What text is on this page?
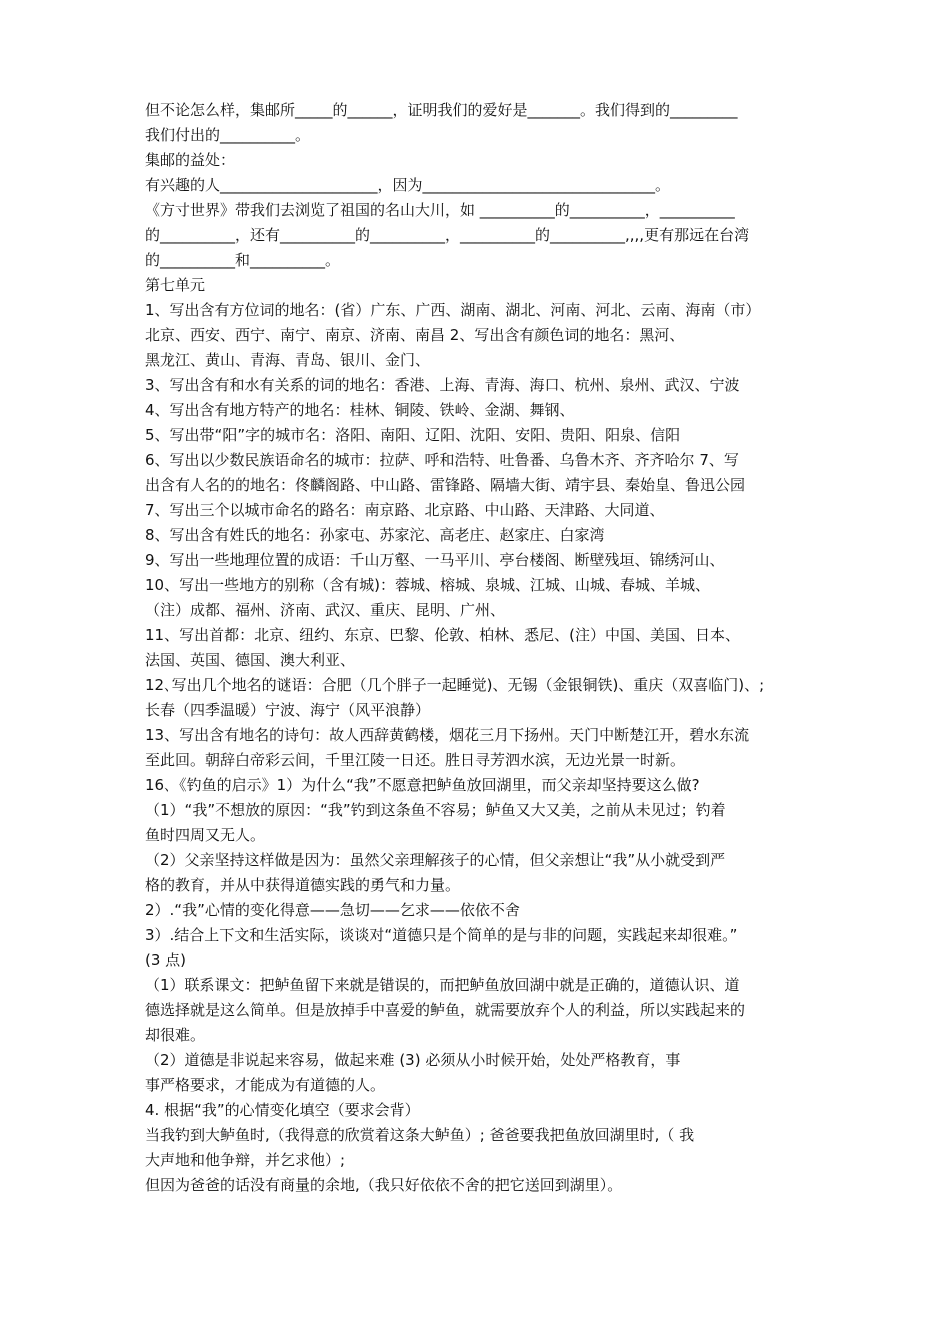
但不论怎么样，集邮所_____的______，证明我们的爱好是_______。我们得到的_________
我们付出的__________。
集邮的益处：
有兴趣的人_____________________，因为_______________________________。
《方寸世界》带我们去浏览了祖国的名山大川，如 __________的__________，__________
的__________，还有__________的__________，__________的__________,,,,更有那远在台湾
的__________和__________。
第七单元
1、写出含有方位词的地名：(省）广东、广西、湖南、湖北、河南、河北、云南、海南（市）
北京、西安、西宁、南宁、南京、济南、南昌 2、写出含有颜色词的地名：黑河、
黑龙江、黄山、青海、青岛、银川、金门、
3、写出含有和水有关系的词的地名：香港、上海、青海、海口、杭州、泉州、武汉、宁波
4、写出含有地方特产的地名：桂林、铜陵、铁岭、金湖、舞钢、
5、写出带“阳”字的城市名：洛阳、南阳、辽阳、沈阳、安阳、贵阳、阳泉、信阳
6、写出以少数民族语命名的城市：拉萨、呼和浩特、吐鲁番、乌鲁木齐、齐齐哈尔 7、写
出含有人名的的地名：佟麟阁路、中山路、雷锋路、隔墙大街、靖宇县、秦始皇、鲁迅公园
7、写出三个以城市命名的路名：南京路、北京路、中山路、天津路、大同道、
8、写出含有姓氏的地名：孙家屯、苏家沱、高老庄、赵家庄、白家湾
9、写出一些地理位置的成语：千山万壑、一马平川、亭台楼阁、断壁残垣、锦绣河山、
10、写出一些地方的别称（含有城)：蓉城、榕城、泉城、江城、山城、春城、羊城、
（注）成都、福州、济南、武汉、重庆、昆明、广州、
11、写出首都：北京、纽约、东京、巴黎、伦敦、柏林、悉尼、(注）中国、美国、日本、
法国、英国、德国、澳大利亚、
12､写出几个地名的谜语：合肥（几个胖子一起睡觉)、无锡（金银铜铁)、重庆（双喜临门)、;
长春（四季温暖）宁波、海宁（风平浪静）
13、写出含有地名的诗句：故人西辞黄鹤楼，烟花三月下扬州。天门中断楚江开，碧水东流
至此回。朝辞白帝彩云间，千里江陵一日还。胜日寻芳泗水滨，无边光景一时新。
16､《钓鱼的启示》1）为什么“我”不愿意把鲈鱼放回湖里，而父亲却坚持要这么做?
（1）“我”不想放的原因：“我”钓到这条鱼不容易；鲈鱼又大又美，之前从未见过；钓着
鱼时四周又无人。
（2）父亲坚持这样做是因为：虽然父亲理解孩子的心情，但父亲想让“我”从小就受到严
格的教育，并从中获得道德实践的勇气和力量。
2）.“我”心情的变化得意——急切——乞求——依依不舍
3）.结合上下文和生活实际，谈谈对“道德只是个简单的是与非的问题，实践起来却很难。”
(3 点)
（1）联系课文：把鲈鱼留下来就是错误的，而把鲈鱼放回湖中就是正确的，道德认识、道
德选择就是这么简单。但是放掉手中喜爱的鲈鱼，就需要放弃个人的利益，所以实践起来的
却很难。
（2）道德是非说起来容易，做起来难 (3) 必须从小时候开始，处处严格教育，事
事严格要求，才能成为有道德的人。
4. 根据“我”的心情变化填空（要求会背）
当我钓到大鲈鱼时,（我得意的欣赏着这条大鲈鱼）; 爸爸要我把鱼放回湖里时,（ 我
大声地和他争辩，并乞求他）;
但因为爸爸的话没有商量的余地,（我只好依依不舍的把它送回到湖里）。
